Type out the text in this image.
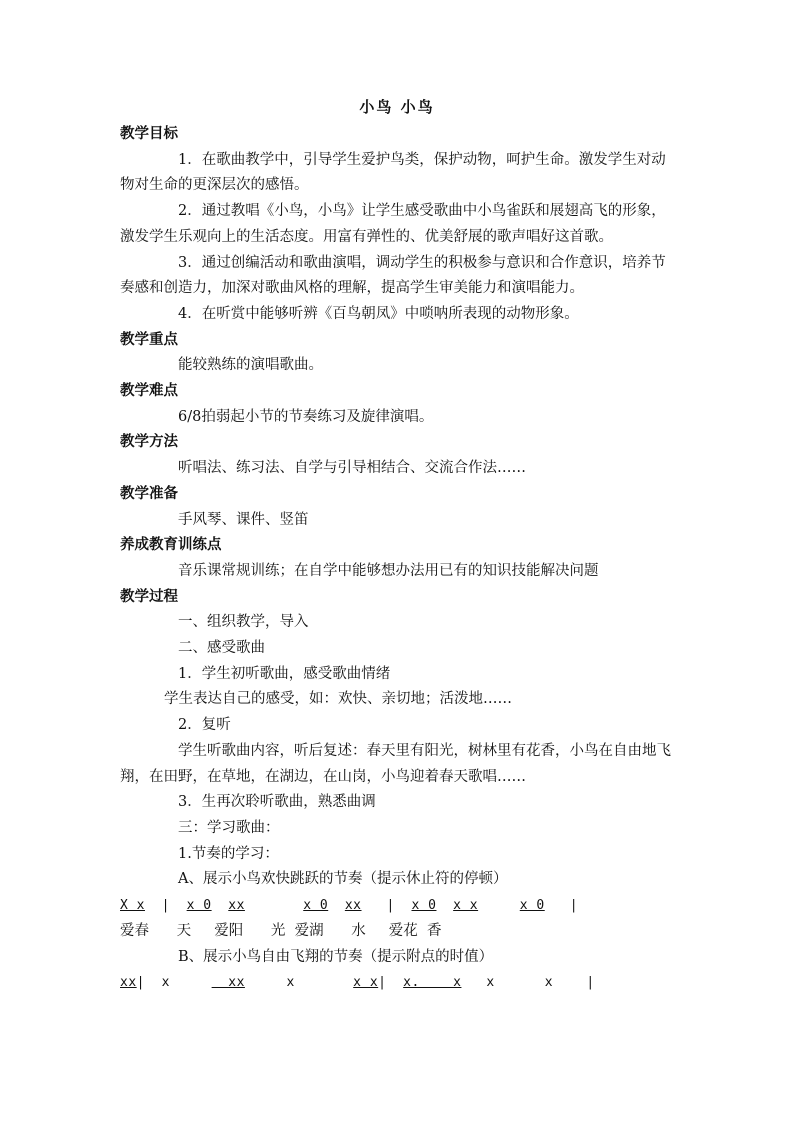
小鸟 小鸟

教学目标

1．在歌曲教学中，引导学生爱护鸟类，保护动物，呵护生命。激发学生对动物对生命的更深层次的感悟。

2．通过教唱《小鸟，小鸟》让学生感受歌曲中小鸟雀跃和展翅高飞的形象，激发学生乐观向上的生活态度。用富有弹性的、优美舒展的歌声唱好这首歌。

3．通过创编活动和歌曲演唱，调动学生的积极参与意识和合作意识，培养节奏感和创造力，加深对歌曲风格的理解，提高学生审美能力和演唱能力。

4．在听赏中能够听辨《百鸟朝凤》中唢呐所表现的动物形象。

教学重点

能较熟练的演唱歌曲。

教学难点

6/8拍弱起小节的节奏练习及旋律演唱。

教学方法

听唱法、练习法、自学与引导相结合、交流合作法……

教学准备

手风琴、课件、竖笛

养成教育训练点

音乐课常规训练；在自学中能够想办法用已有的知识技能解决问题

教学过程

一、组织教学，导入

二、感受歌曲

1．学生初听歌曲，感受歌曲情绪

学生表达自己的感受，如：欢快、亲切地；活泼地……

2．复听

学生听歌曲内容，听后复述：春天里有阳光，树林里有花香，小鸟在自由地飞翔，在田野，在草地，在湖边，在山岗，小鸟迎着春天歌唱……

3．生再次聆听歌曲，熟悉曲调

三：学习歌曲：

1.节奏的学习：

A、展示小鸟欢快跳跃的节奏（提示休止符的停顿）

X x  |  x 0 xx	x 0 xx   |  x 0 x x	x 0   |

爱春      天     爱阳      光  爱湖      水     爱花  香

B、展示小鸟自由飞翔的节奏（提示附点的时值）

xx|  x       xx     x       x x|  x.    x   x      x    |
